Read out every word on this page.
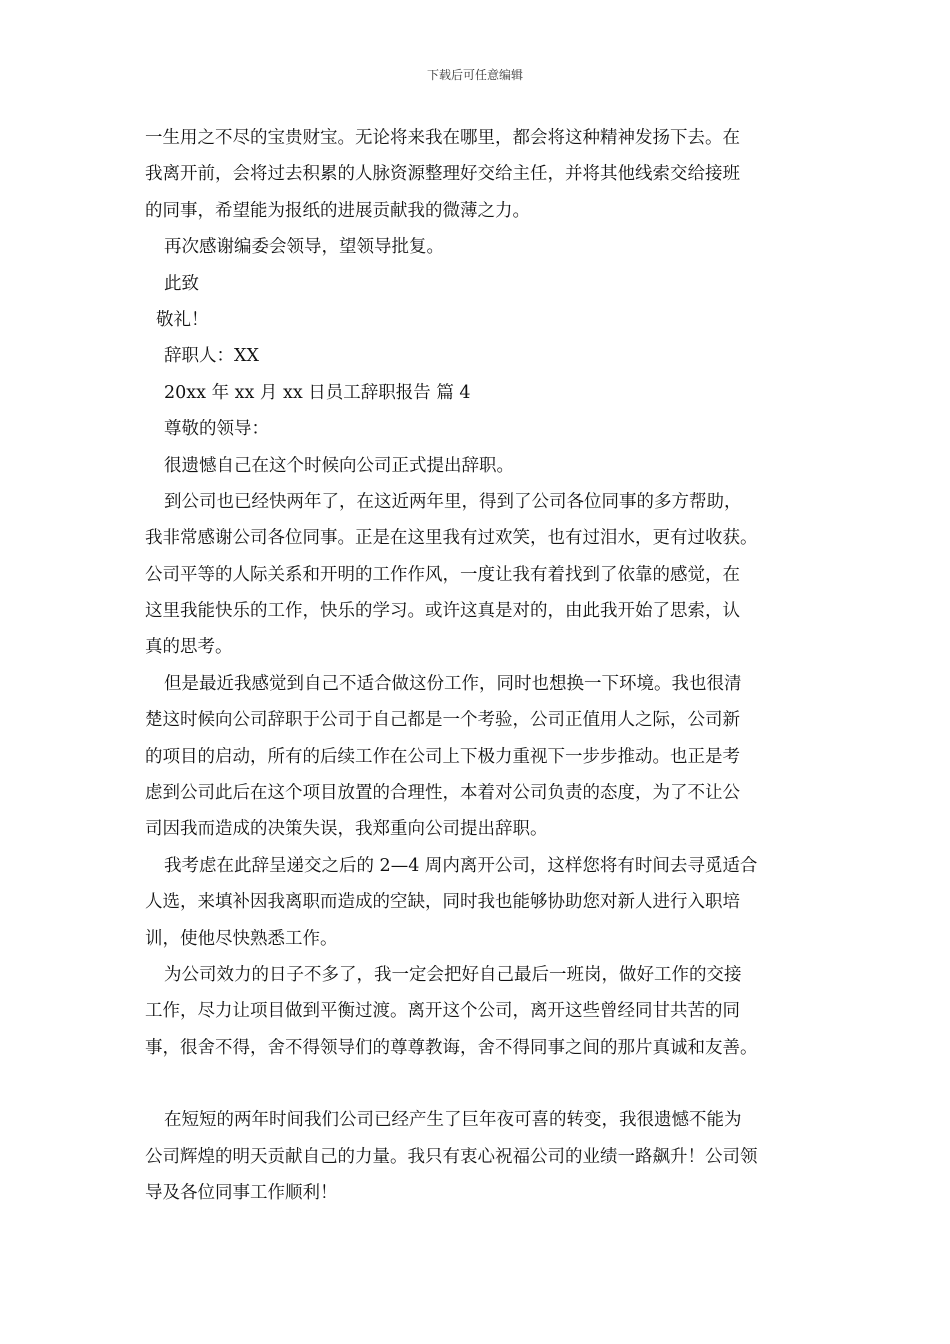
下载后可任意编辑
一生用之不尽的宝贵财宝。无论将来我在哪里，都会将这种精神发扬下去。在
我离开前，会将过去积累的人脉资源整理好交给主任，并将其他线索交给接班
的同事，希望能为报纸的进展贡献我的微薄之力。
再次感谢编委会领导，望领导批复。
此致
敬礼！
辞职人：XX
20xx 年 xx 月 xx 日员工辞职报告 篇 4
尊敬的领导：
很遗憾自己在这个时候向公司正式提出辞职。
到公司也已经快两年了，在这近两年里，得到了公司各位同事的多方帮助，
我非常感谢公司各位同事。正是在这里我有过欢笑，也有过泪水，更有过收获。
公司平等的人际关系和开明的工作作风，一度让我有着找到了依靠的感觉，在
这里我能快乐的工作，快乐的学习。或许这真是对的，由此我开始了思索，认
真的思考。
但是最近我感觉到自己不适合做这份工作，同时也想换一下环境。我也很清
楚这时候向公司辞职于公司于自己都是一个考验，公司正值用人之际，公司新
的项目的启动，所有的后续工作在公司上下极力重视下一步步推动。也正是考
虑到公司此后在这个项目放置的合理性，本着对公司负责的态度，为了不让公
司因我而造成的决策失误，我郑重向公司提出辞职。
我考虑在此辞呈递交之后的 2—4 周内离开公司，这样您将有时间去寻觅适合
人选，来填补因我离职而造成的空缺，同时我也能够协助您对新人进行入职培
训，使他尽快熟悉工作。
为公司效力的日子不多了，我一定会把好自己最后一班岗，做好工作的交接
工作，尽力让项目做到平衡过渡。离开这个公司，离开这些曾经同甘共苦的同
事，很舍不得，舍不得领导们的尊尊教诲，舍不得同事之间的那片真诚和友善。
在短短的两年时间我们公司已经产生了巨年夜可喜的转变，我很遗憾不能为
公司辉煌的明天贡献自己的力量。我只有衷心祝福公司的业绩一路飙升！公司领
导及各位同事工作顺利！
